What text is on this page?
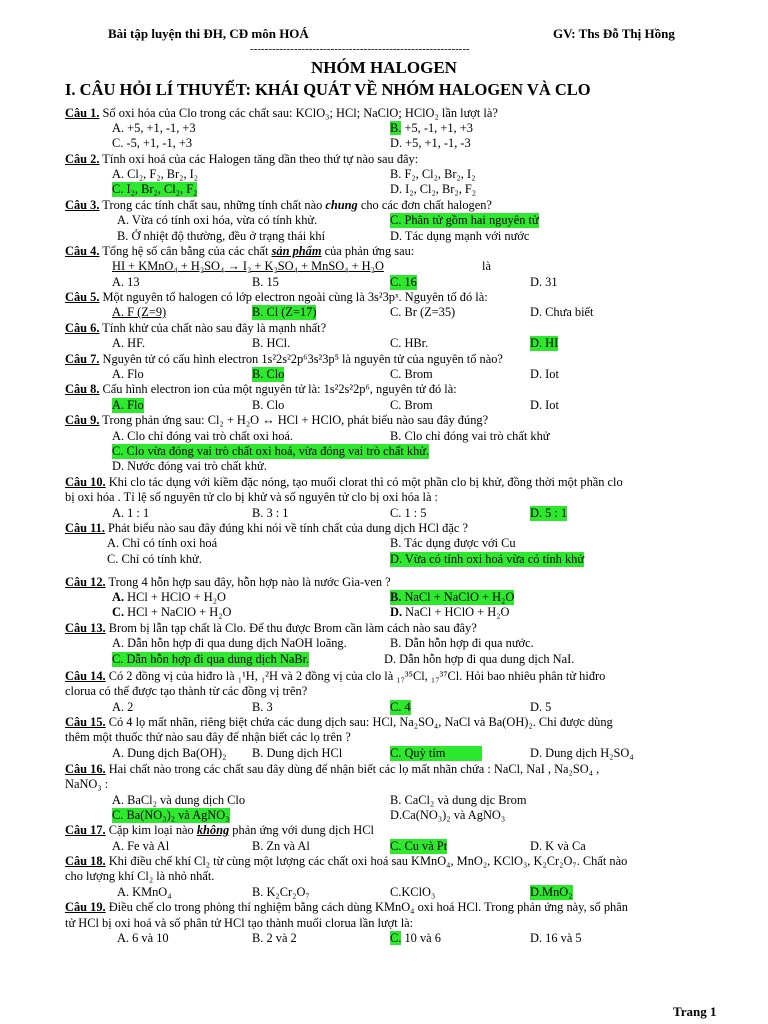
Bài tập luyện thi ĐH, CĐ môn HOÁ	GV: Ths Đỗ Thị Hồng
------------------------------------------------------------
NHÓM HALOGEN
I. CÂU HỎI LÍ THUYẾT: KHÁI QUÁT VỀ NHÓM HALOGEN VÀ CLO
Câu 1. Số oxi hóa của Clo trong các chất sau: KClO₃; HCl; NaClO; HClO₂ lần lượt là?
A. +5, +1, -1, +3	B. +5, -1, +1, +3
C. -5, +1, -1, +3	D. +5, +1, -1, -3
Câu 2. Tính oxi hoá của các Halogen tăng dần theo thứ tự nào sau đây:
A. Cl₂, F₂, Br₂, I₂	B. F₂, Cl₂, Br₂, I₂
C. I₂, Br₂, Cl₂, F₂	D. I₂, Cl₂, Br₂, F₂
Câu 3. Trong các tính chất sau, những tính chất nào chung cho các đơn chất halogen?
A. Vừa có tính oxi hóa, vừa có tính khử.	C. Phân tử gồm hai nguyên tử
B. Ở nhiệt độ thường, đều ở trạng thái khí	D. Tác dụng mạnh với nước
Câu 4. Tổng hệ số cân bằng của các chất sản phẩm của phản ứng sau:
HI + KMnO₄ + H₂SO₄ → I₂ + K₂SO₄ + MnSO₄ + H₂O	là
A. 13	B. 15	C. 16	D. 31
Câu 5. Một nguyên tố halogen có lớp electron ngoài cùng là 3s²3pˣ. Nguyên tố đó là:
A. F (Z=9)	B. Cl (Z=17)	C. Br (Z=35)	D. Chưa biết
Câu 6. Tính khử của chất nào sau đây là mạnh nhất?
A. HF.	B. HCl.	C. HBr.	D. HI
Câu 7. Nguyên tử có cấu hình electron 1s²2s²2p⁶3s²3p⁵ là nguyên tử của nguyên tố nào?
A. Flo	B. Clo	C. Brom	D. Iot
Câu 8. Cấu hình electron ion của một nguyên tử là: 1s²2s²2p⁶, nguyên tử đó là:
A. Flo	B. Clo	C. Brom	D. Iot
Câu 9. Trong phản ứng sau: Cl₂ + H₂O ↔ HCl + HClO, phát biểu nào sau đây đúng?
A. Clo chỉ đóng vai trò chất oxi hoá.	B. Clo chỉ đóng vai trò chất khử
C. Clo vừa đóng vai trò chất oxi hoá, vừa đóng vai trò chất khử.
D. Nước đóng vai trò chất khử.
Câu 10. Khi clo tác dụng với kiềm đặc nóng, tạo muối clorat thì có một phần clo bị khử, đồng thời một phần clo
bị oxi hóa . Tỉ lệ số nguyên tử clo bị khử và số nguyên tử clo bị oxi hóa là :
A. 1 : 1	B. 3 : 1	C. 1 : 5	D. 5 : 1
Câu 11. Phát biểu nào sau đây đúng khi nói về tính chất của dung dịch HCl đặc ?
A. Chỉ có tính oxi hoá	B. Tác dụng được với Cu
C. Chỉ có tính khử.	D. Vừa có tính oxi hoá vừa có tính khử
Câu 12. Trong 4 hỗn hợp sau đây, hỗn hợp nào là nước Gia-ven ?
A. HCl + HClO + H₂O	B. NaCl + NaClO + H₂O
C. HCl + NaClO + H₂O	D. NaCl + HClO + H₂O
Câu 13. Brom bị lẫn tạp chất là Clo. Để thu được Brom cần làm cách nào sau đây?
A. Dẫn hỗn hợp đi qua dung dịch NaOH loãng.	B. Dẫn hỗn hợp đi qua nước.
C. Dẫn hỗn hợp đi qua dung dịch NaBr.	D. Dẫn hỗn hợp đi qua dung dịch NaI.
Câu 14. Có 2 đồng vị của hiđro là ₁¹H, ₁²H và 2 đồng vị của clo là ₁₇³⁵Cl, ₁₇³⁷Cl. Hỏi bao nhiêu phân tử hiđro
clorua có thể được tạo thành từ các đồng vị trên?
A. 2	B. 3	C. 4	D. 5
Câu 15. Có 4 lọ mất nhãn, riêng biệt chứa các dung dịch sau: HCl, Na₂SO₄, NaCl và Ba(OH)₂. Chỉ được dùng
thêm một thuốc thử nào sau đây để nhận biết các lọ trên ?
A. Dung dịch Ba(OH)₂ B. Dung dịch HCl	C. Quỳ tím	D. Dung dịch H₂SO₄
Câu 16. Hai chất nào trong các chất sau đây dùng để nhận biết các lọ mất nhãn chứa : NaCl, NaI , Na₂SO₄ ,
NaNO₃ :
A. BaCl₂ và dung dịch Clo	B. CaCl₂ và dung dịc Brom
C. Ba(NO₃)₂ và AgNO₃	D.Ca(NO₃)₂ và AgNO₃
Câu 17. Cặp kim loại nào không phản ứng với dung dịch HCl
A. Fe và Al	B. Zn và Al	C. Cu và Pt	D. K và Ca
Câu 18. Khi điều chế khí Cl₂ từ cùng một lượng các chất oxi hoá sau KMnO₄, MnO₂, KClO₃, K₂Cr₂O₇. Chất nào
cho lượng khí Cl₂ là nhỏ nhất.
A. KMnO₄	B. K₂Cr₂O₇	C.KClO₃	D.MnO₂
Câu 19. Điều chế clo trong phòng thí nghiệm bằng cách dùng KMnO₄ oxi hoá HCl. Trong phản ứng này, số phân
tử HCl bị oxi hoá và số phân tử HCl tạo thành muối clorua lần lượt là:
A. 6 và 10	B. 2 và 2	C. 10 và 6	D. 16 và 5
Trang 1
